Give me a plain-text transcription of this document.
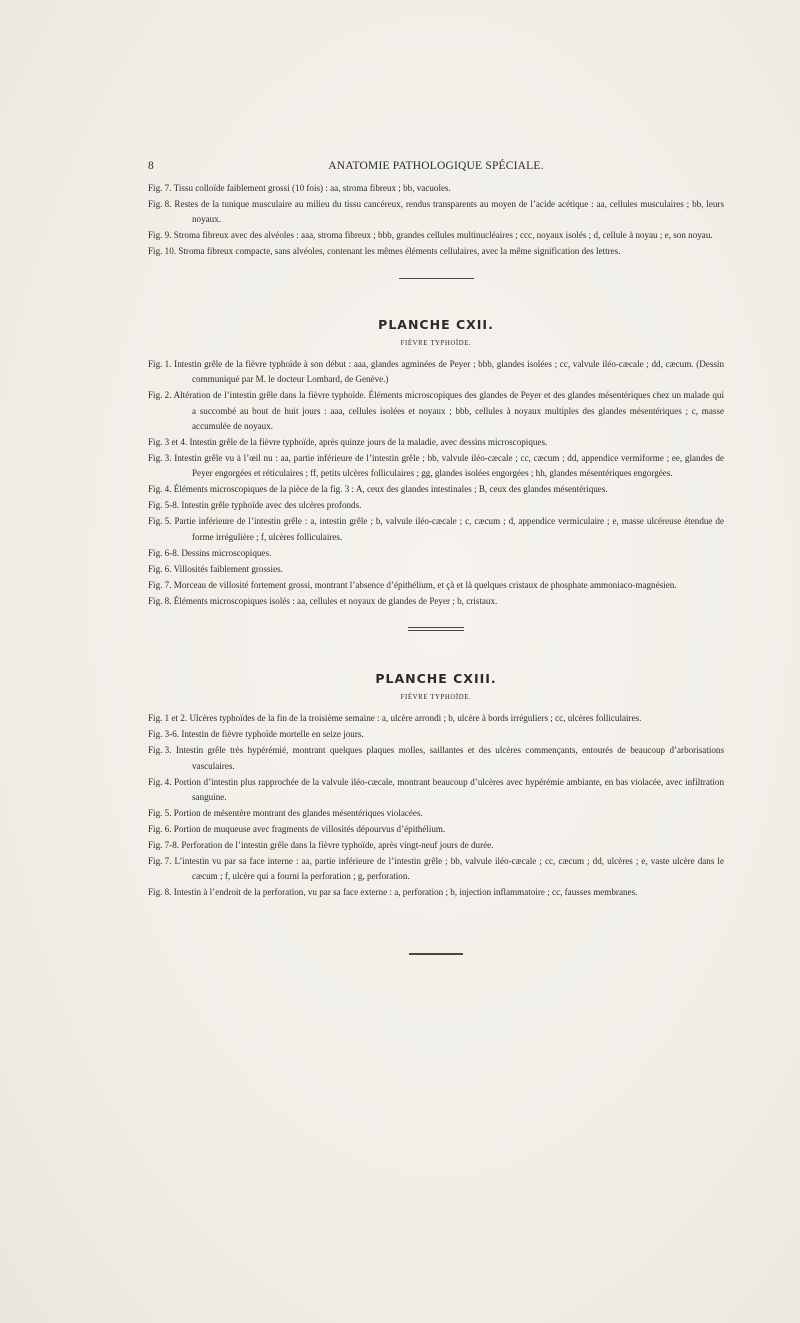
8	ANATOMIE PATHOLOGIQUE SPÉCIALE.
Fig. 7. Tissu colloïde faiblement grossi (10 fois) : aa, stroma fibreux ; bb, vacuoles.
Fig. 8. Restes de la tunique musculaire au milieu du tissu cancéreux, rendus transparents au moyen de l’acide acétique : aa, cellules musculaires ; bb, leurs noyaux.
Fig. 9. Stroma fibreux avec des alvéoles : aaa, stroma fibreux ; bbb, grandes cellules multinucléaires ; ccc, noyaux isolés ; d, cellule à noyau ; e, son noyau.
Fig. 10. Stroma fibreux compacte, sans alvéoles, contenant les mêmes éléments cellulaires, avec la même signification des lettres.
PLANCHE CXII.
FIÈVRE TYPHOÏDE.
Fig. 1. Intestin grêle de la fièvre typhoïde à son début : aaa, glandes agminées de Peyer ; bbb, glandes isolées ; cc, valvule iléo-cæcale ; dd, cæcum. (Dessin communiqué par M. le docteur Lombard, de Genève.)
Fig. 2. Altération de l’intestin grêle dans la fièvre typhoïde. Éléments microscopiques des glandes de Peyer et des glandes mésentériques chez un malade qui a succombé au bout de huit jours : aaa, cellules isolées et noyaux ; bbb, cellules à noyaux multiples des glandes mésentériques ; c, masse accumulée de noyaux.
Fig. 3 et 4. Intestin grêle de la fièvre typhoïde, après quinze jours de la maladie, avec dessins microscopiques.
Fig. 3. Intestin grêle vu à l’œil nu : aa, partie inférieure de l’intestin grêle ; bb, valvule iléo-cæcale ; cc, cæcum ; dd, appendice vermiforme ; ee, glandes de Peyer engorgées et réticulaires ; ff, petits ulcères folliculaires ; gg, glandes isolées engorgées ; hh, glandes mésentériques engorgées.
Fig. 4. Éléments microscopiques de la pièce de la fig. 3 : A, ceux des glandes intestinales ; B, ceux des glandes mésentériques.
Fig. 5-8. Intestin grêle typhoïde avec des ulcères profonds.
Fig. 5. Partie inférieure de l’intestin grêle : a, intestin grêle ; b, valvule iléo-cæcale ; c, cæcum ; d, appendice vermiculaire ; e, masse ulcéreuse étendue de forme irrégulière ; f, ulcères folliculaires.
Fig. 6-8. Dessins microscopiques.
Fig. 6. Villosités faiblement grossies.
Fig. 7. Morceau de villosité fortement grossi, montrant l’absence d’épithélium, et çà et là quelques cristaux de phosphate ammoniaco-magnésien.
Fig. 8. Éléments microscopiques isolés : aa, cellules et noyaux de glandes de Peyer ; b, cristaux.
PLANCHE CXIII.
FIÈVRE TYPHOÏDE.
Fig. 1 et 2. Ulcères typhoïdes de la fin de la troisième semaine : a, ulcère arrondi ; b, ulcère à bords irréguliers ; cc, ulcères folliculaires.
Fig. 3-6. Intestin de fièvre typhoïde mortelle en seize jours.
Fig. 3. Intestin grêle très hypérémié, montrant quelques plaques molles, saillantes et des ulcères commençants, entourés de beaucoup d’arborisations vasculaires.
Fig. 4. Portion d’intestin plus rapprochée de la valvule iléo-cæcale, montrant beaucoup d’ulcères avec hypérémie ambiante, en bas violacée, avec infiltration sanguine.
Fig. 5. Portion de mésentère montrant des glandes mésentériques violacées.
Fig. 6. Portion de muqueuse avec fragments de villosités dépourvus d’épithélium.
Fig. 7-8. Perforation de l’intestin grêle dans la fièvre typhoïde, après vingt-neuf jours de durée.
Fig. 7. L’intestin vu par sa face interne : aa, partie inférieure de l’intestin grêle ; bb, valvule iléo-cæcale ; cc, cæcum ; dd, ulcères ; e, vaste ulcère dans le cæcum ; f, ulcère qui a fourni la perforation ; g, perforation.
Fig. 8. Intestin à l’endroit de la perforation, vu par sa face externe : a, perforation ; b, injection inflammatoire ; cc, fausses membranes.
